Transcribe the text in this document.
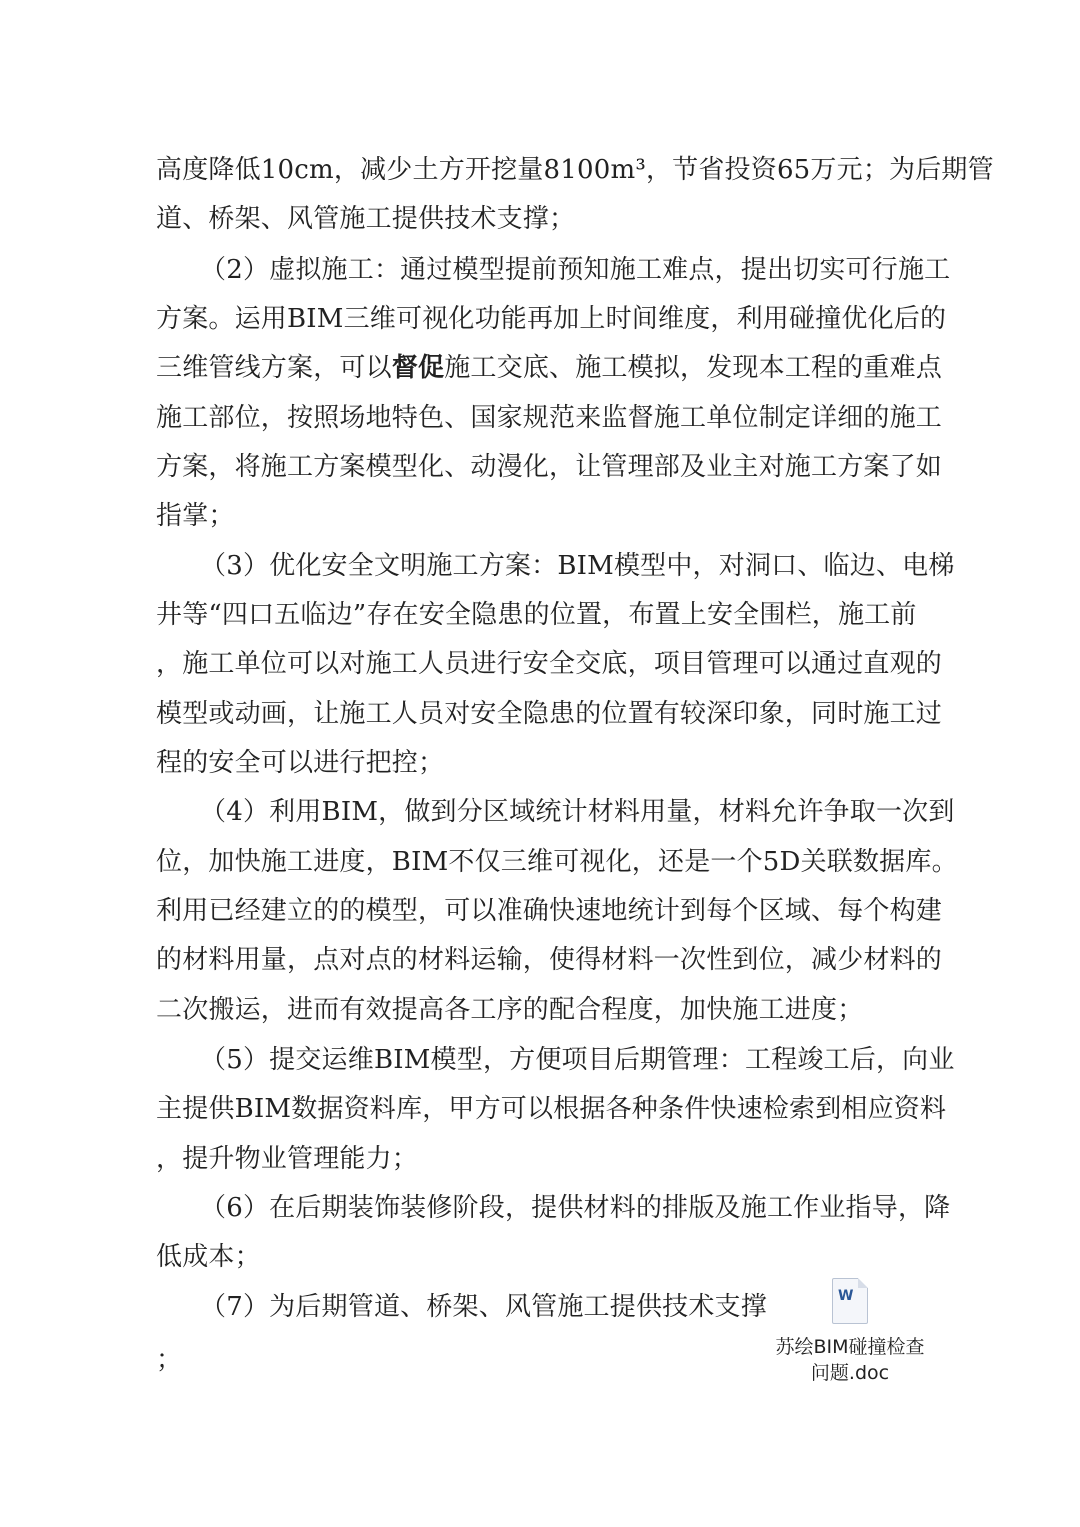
高度降低10cm，减少土方开挖量8100m³，节省投资65万元；为后期管
道、桥架、风管施工提供技术支撑；
（2）虚拟施工：通过模型提前预知施工难点，提出切实可行施工
方案。运用BIM三维可视化功能再加上时间维度，利用碰撞优化后的
三维管线方案，可以督促施工交底、施工模拟，发现本工程的重难点
施工部位，按照场地特色、国家规范来监督施工单位制定详细的施工
方案，将施工方案模型化、动漫化，让管理部及业主对施工方案了如
指掌；
（3）优化安全文明施工方案：BIM模型中，对洞口、临边、电梯
井等“四口五临边”存在安全隐患的位置，布置上安全围栏，施工前
，施工单位可以对施工人员进行安全交底，项目管理可以通过直观的
模型或动画，让施工人员对安全隐患的位置有较深印象，同时施工过
程的安全可以进行把控；
（4）利用BIM，做到分区域统计材料用量，材料允许争取一次到
位，加快施工进度，BIM不仅三维可视化，还是一个5D关联数据库。
利用已经建立的的模型，可以准确快速地统计到每个区域、每个构建
的材料用量，点对点的材料运输，使得材料一次性到位，减少材料的
二次搬运，进而有效提高各工序的配合程度，加快施工进度；
（5）提交运维BIM模型，方便项目后期管理：工程竣工后，向业
主提供BIM数据资料库，甲方可以根据各种条件快速检索到相应资料
，提升物业管理能力；
（6）在后期装饰装修阶段，提供材料的排版及施工作业指导，降
低成本；
（7）为后期管道、桥架、风管施工提供技术支撑
；
W
苏绘BIM碰撞检查
问题.doc
